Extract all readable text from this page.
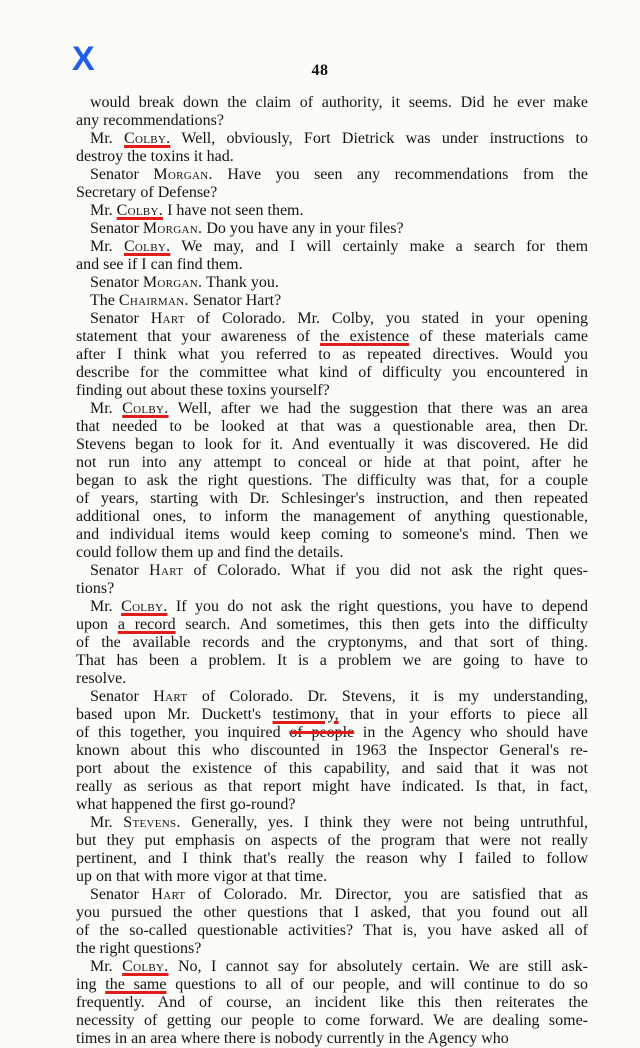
X	48
would break down the claim of authority, it seems. Did he ever make
any recommendations?
Mr. Colby. Well, obviously, Fort Dietrick was under instructions to
destroy the toxins it had.
Senator Morgan. Have you seen any recommendations from the
Secretary of Defense?
Mr. Colby. I have not seen them.
Senator Morgan. Do you have any in your files?
Mr. Colby. We may, and I will certainly make a search for them
and see if I can find them.
Senator Morgan. Thank you.
The Chairman. Senator Hart?
Senator Hart of Colorado. Mr. Colby, you stated in your opening
statement that your awareness of the existence of these materials came
after I think what you referred to as repeated directives. Would you
describe for the committee what kind of difficulty you encountered in
finding out about these toxins yourself?
Mr. Colby. Well, after we had the suggestion that there was an area
that needed to be looked at that was a questionable area, then Dr.
Stevens began to look for it. And eventually it was discovered. He did
not run into any attempt to conceal or hide at that point, after he
began to ask the right questions. The difficulty was that, for a couple
of years, starting with Dr. Schlesinger's instruction, and then repeated
additional ones, to inform the management of anything questionable,
and individual items would keep coming to someone's mind. Then we
could follow them up and find the details.
Senator Hart of Colorado. What if you did not ask the right ques-
tions?
Mr. Colby. If you do not ask the right questions, you have to depend
upon a record search. And sometimes, this then gets into the difficulty
of the available records and the cryptonyms, and that sort of thing.
That has been a problem. It is a problem we are going to have to
resolve.
Senator Hart of Colorado. Dr. Stevens, it is my understanding,
based upon Mr. Duckett's testimony, that in your efforts to piece all
of this together, you inquired of people in the Agency who should have
known about this who discounted in 1963 the Inspector General's re-
port about the existence of this capability, and said that it was not
really as serious as that report might have indicated. Is that, in fact,
what happened the first go-round?
Mr. Stevens. Generally, yes. I think they were not being untruthful,
but they put emphasis on aspects of the program that were not really
pertinent, and I think that's really the reason why I failed to follow
up on that with more vigor at that time.
Senator Hart of Colorado. Mr. Director, you are satisfied that as
you pursued the other questions that I asked, that you found out all
of the so-called questionable activities? That is, you have asked all of
the right questions?
Mr. Colby. No, I cannot say for absolutely certain. We are still ask-
ing the same questions to all of our people, and will continue to do so
frequently. And of course, an incident like this then reiterates the
necessity of getting our people to come forward. We are dealing some-
times in an area where there is nobody currently in the Agency who
